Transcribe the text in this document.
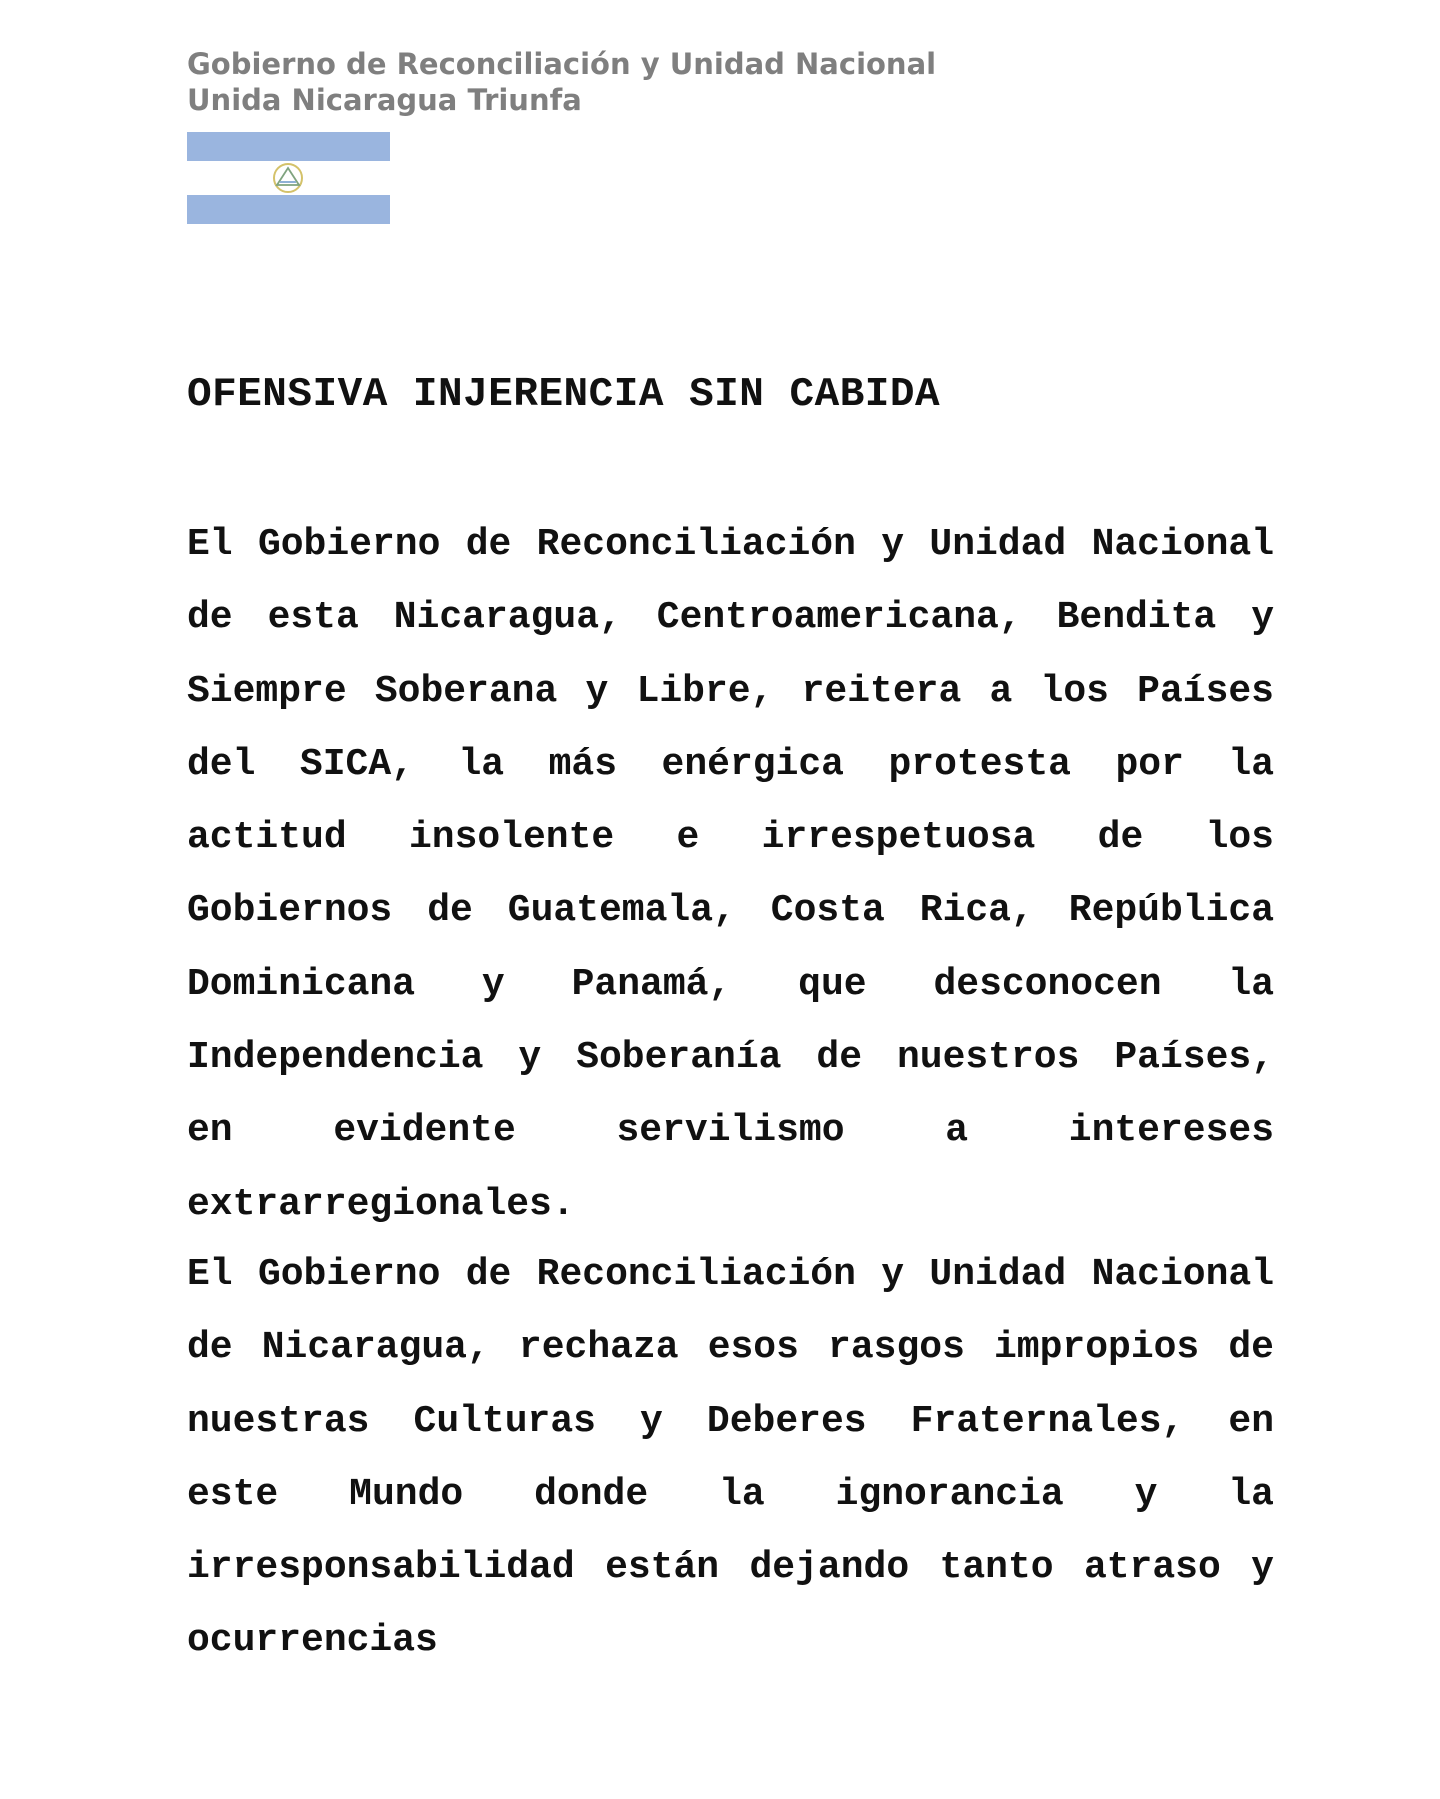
Gobierno de Reconciliación y Unidad Nacional
Unida Nicaragua Triunfa
OFENSIVA INJERENCIA SIN CABIDA

El Gobierno de Reconciliación y Unidad Nacional de esta Nicaragua, Centroamericana, Bendita y Siempre Soberana y Libre, reitera a los Países del SICA, la más enérgica protesta por la actitud insolente e irrespetuosa de los Gobiernos de Guatemala, Costa Rica, República Dominicana y Panamá, que desconocen la Independencia y Soberanía de nuestros Países, en evidente servilismo a intereses extrarregionales.

El Gobierno de Reconciliación y Unidad Nacional de Nicaragua, rechaza esos rasgos impropios de nuestras Culturas y Deberes Fraternales, en este Mundo donde la ignorancia y la irresponsabilidad están dejando tanto atraso y ocurrencias
